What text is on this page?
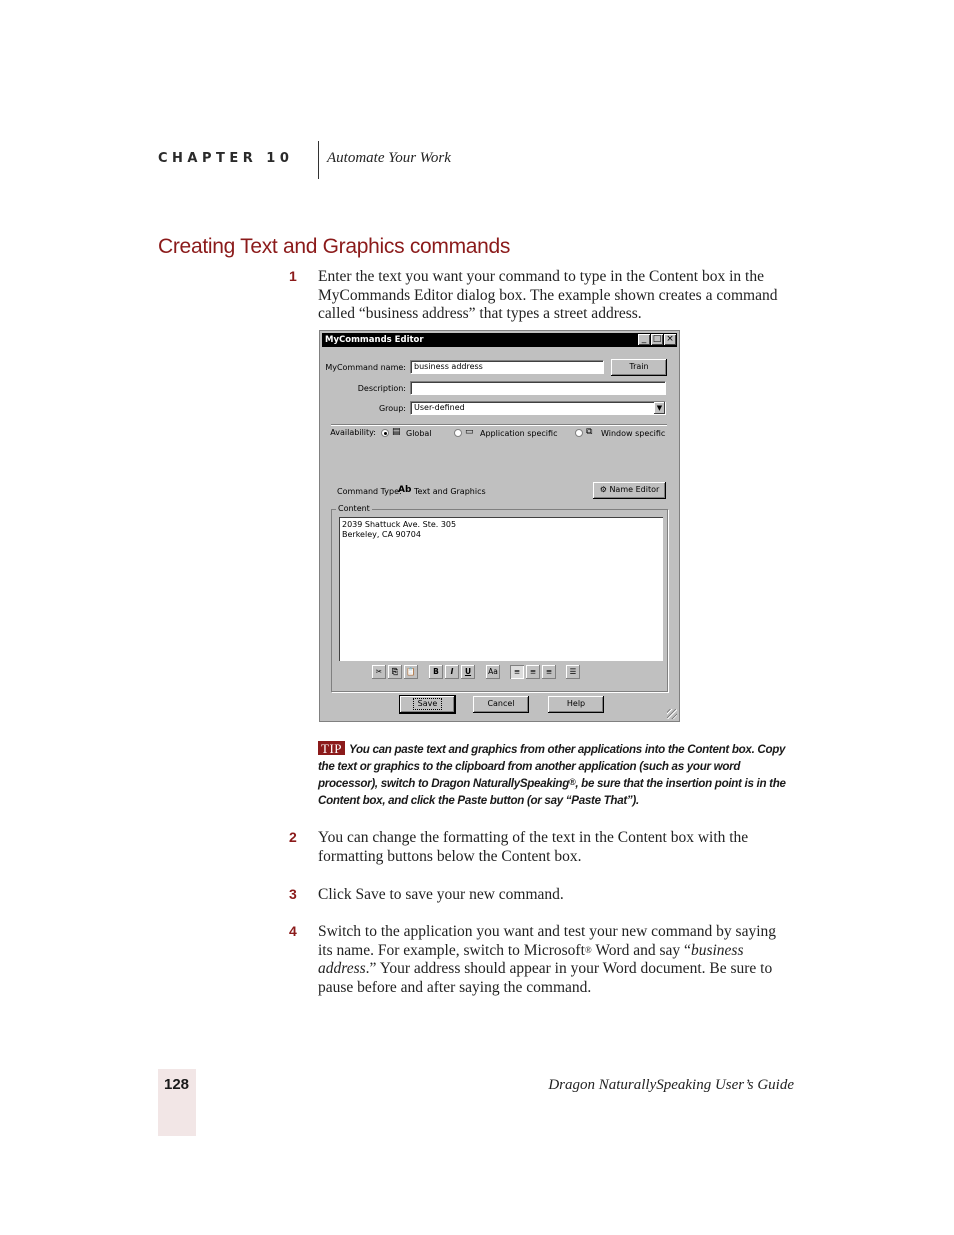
CHAPTER 10 Automate Your Work
Creating Text and Graphics commands
1 Enter the text you want your command to type in the Content box in the MyCommands Editor dialog box. The example shown creates a command called “business address” that types a street address.
MyCommands Editor	_ □ ×
MyCommand name:	business address	Train
Description:
Group:	User-defined	▼
Availability: ▤ Global	▭ Application specific	⧉ Window specific
Command Type:
Ab Text and Graphics	⚙ Name Editor
Content
2039 Shattuck Ave. Ste. 305
Berkeley, CA 90704
✂	⎘	📋	B	I	U	Aa	≡	≡	≡	☰
Save	Cancel	Help
TIP You can paste text and graphics from other applications into the Content box. Copy the text or graphics to the clipboard from another application (such as your word processor), switch to Dragon NaturallySpeaking®, be sure that the insertion point is in the Content box, and click the Paste button (or say “Paste That”).
2 You can change the formatting of the text in the Content box with the formatting buttons below the Content box.
3 Click Save to save your new command.
4 Switch to the application you want and test your new command by saying its name. For example, switch to Microsoft® Word and say “business address.” Your address should appear in your Word document. Be sure to pause before and after saying the command.
128	Dragon NaturallySpeaking User’s Guide
